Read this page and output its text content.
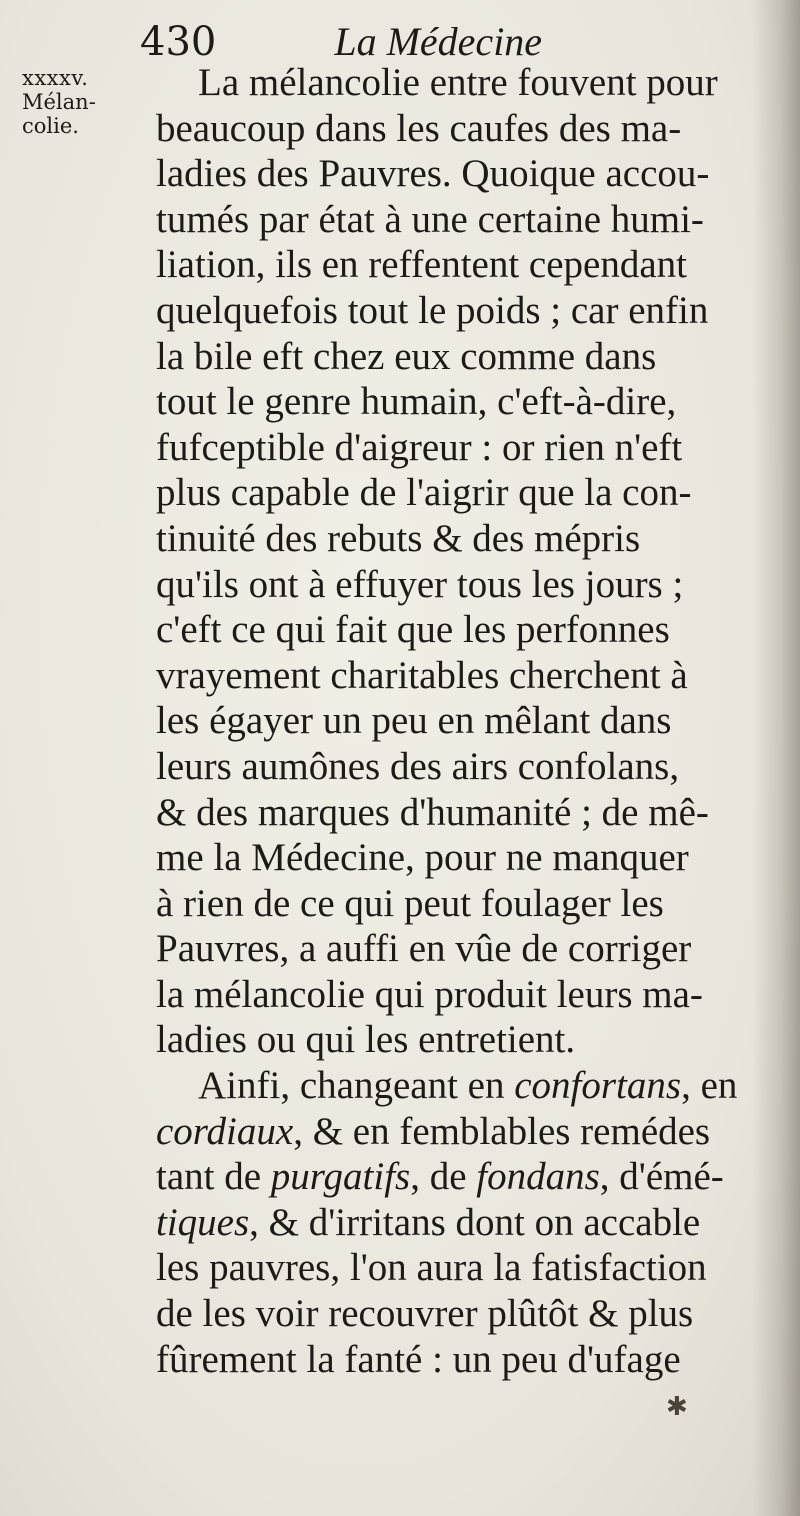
430	La Médecine
xxxxv.
Mélan-
colie.
La mélancolie entre fouvent pour
beaucoup dans les caufes des ma-
ladies des Pauvres. Quoique accou-
tumés par état à une certaine humi-
liation, ils en reffentent cependant
quelquefois tout le poids ; car enfin
la bile eft chez eux comme dans
tout le genre humain, c'eft-à-dire,
fufceptible d'aigreur : or rien n'eft
plus capable de l'aigrir que la con-
tinuité des rebuts & des mépris
qu'ils ont à effuyer tous les jours ;
c'eft ce qui fait que les perfonnes
vrayement charitables cherchent à
les égayer un peu en mêlant dans
leurs aumônes des airs confolans,
& des marques d'humanité ; de mê-
me la Médecine, pour ne manquer
à rien de ce qui peut foulager les
Pauvres, a auffi en vûe de corriger
la mélancolie qui produit leurs ma-
ladies ou qui les entretient.
Ainfi, changeant en confortans, en
cordiaux, & en femblables remédes
tant de purgatifs, de fondans, d'émé-
tiques, & d'irritans dont on accable
les pauvres, l'on aura la fatisfaction
de les voir recouvrer plûtôt & plus
fûrement la fanté : un peu d'ufage
✱
